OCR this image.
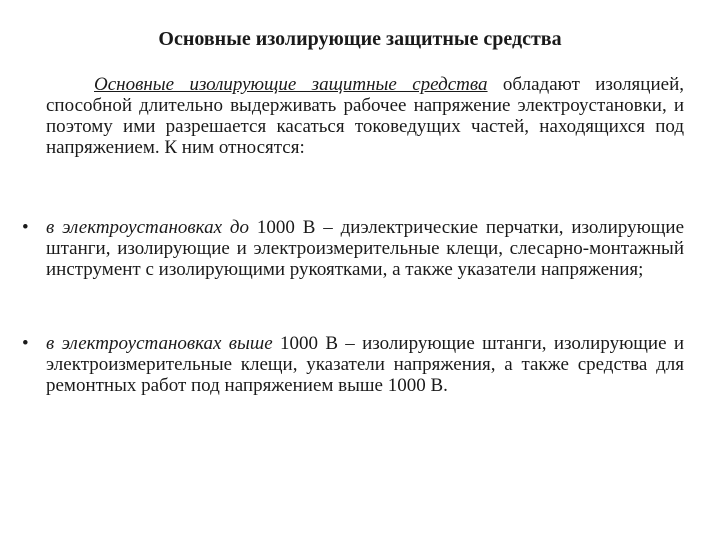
Основные изолирующие защитные средства
Основные изолирующие защитные средства обладают изоляцией, способной длительно выдерживать рабочее напряжение электроустановки, и поэтому ими разрешается касаться токоведущих частей, находящихся под напряжением. К ним относятся:
• в электроустановках до 1000 В – диэлектрические перчатки, изолирующие штанги, изолирующие и электроизмерительные клещи, слесарно-монтажный инструмент с изолирующими рукоятками, а также указатели напряжения;
• в электроустановках выше 1000 В – изолирующие штанги, изолирующие и электроизмерительные клещи, указатели напряжения, а также средства для ремонтных работ под напряжением выше 1000 В.
